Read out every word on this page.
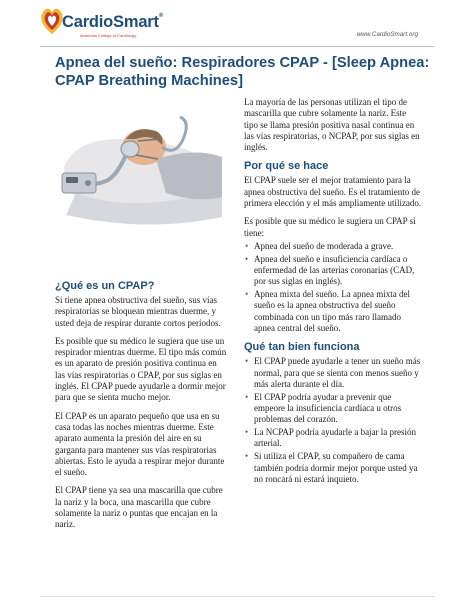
CardioSmart®
American College of Cardiology	www.CardioSmart.org
Apnea del sueño: Respiradores CPAP - [Sleep Apnea: CPAP Breathing Machines]
¿Qué es un CPAP?

Si tiene apnea obstructiva del sueño, sus vías respiratorias se bloquean mientras duerme, y usted deja de respirar durante cortos períodos.

Es posible que su médico le sugiera que use un respirador mientras duerme. El tipo más común es un aparato de presión positiva continua en las vías respiratorias o CPAP, por sus siglas en inglés. El CPAP puede ayudarle a dormir mejor para que se sienta mucho mejor.

El CPAP es un aparato pequeño que usa en su casa todas las noches mientras duerme. Este aparato aumenta la presión del aire en su garganta para mantener sus vías respiratorias abiertas. Esto le ayuda a respirar mejor durante el sueño.

El CPAP tiene ya sea una mascarilla que cubre la nariz y la boca, una mascarilla que cubre solamente la nariz o puntas que encajan en la nariz.

La mayoría de las personas utilizan el tipo de mascarilla que cubre solamente la nariz. Este tipo se llama presión positiva nasal continua en las vías respiratorias, o NCPAP, por sus siglas en inglés.

Por qué se hace

El CPAP suele ser el mejor tratamiento para la apnea obstructiva del sueño. Es el tratamiento de primera elección y el más ampliamente utilizado.

Es posible que su médico le sugiera un CPAP si tiene:

• Apnea del sueño de moderada a grave.
• Apnea del sueño e insuficiencia cardíaca o enfermedad de las arterias coronarias (CAD, por sus siglas en inglés).
• Apnea mixta del sueño. La apnea mixta del sueño es la apnea obstructiva del sueño combinada con un tipo más raro llamado apnea central del sueño.
Qué tan bien funciona
• El CPAP puede ayudarle a tener un sueño más normal, para que se sienta con menos sueño y más alerta durante el día.
• El CPAP podría ayudar a prevenir que empeore la insuficiencia cardíaca u otros problemas del corazón.
• La NCPAP podría ayudarle a bajar la presión arterial.
• Si utiliza el CPAP, su compañero de cama también podría dormir mejor porque usted ya no roncará ni estará inquieto.
